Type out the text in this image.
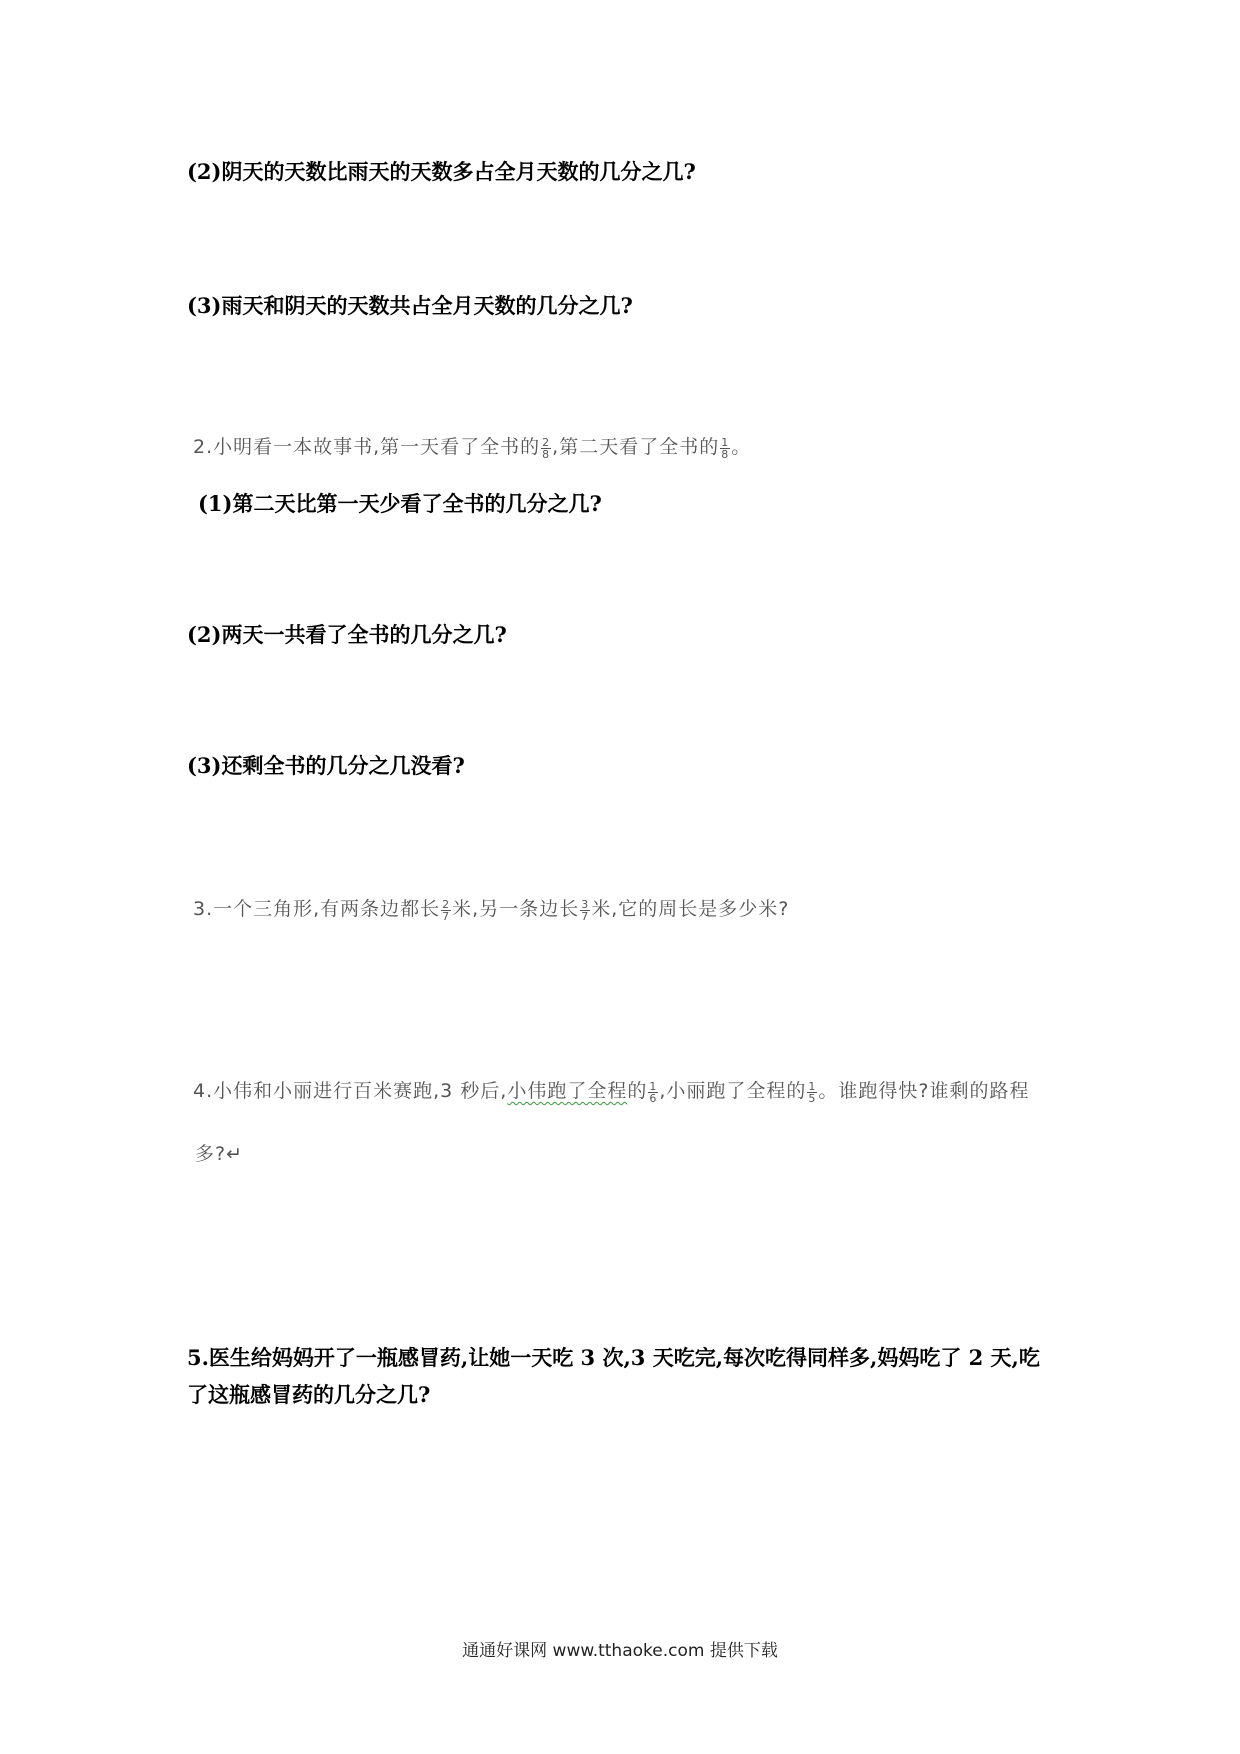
(2)阴天的天数比雨天的天数多占全月天数的几分之几?
(3)雨天和阴天的天数共占全月天数的几分之几?
2.小明看一本故事书,第一天看了全书的 $\frac{2}{8}$ ,第二天看了全书的 $\frac{1}{8}$ 。
(1)第二天比第一天少看了全书的几分之几?
(2)两天一共看了全书的几分之几?
(3)还剩全书的几分之几没看?
3.一个三角形,有两条边都长 $\frac{2}{7}$ 米,另一条边长 $\frac{3}{7}$ 米,它的周长是多少米?
4.小伟和小丽进行百米赛跑,3 秒后,小伟跑了全程的 $\frac{1}{6}$ ,小丽跑了全程的 $\frac{1}{5}$ 。谁跑得快?谁剩的路程
多?↵
5.医生给妈妈开了一瓶感冒药,让她一天吃 3 次,3 天吃完,每次吃得同样多,妈妈吃了 2 天,吃
了这瓶感冒药的几分之几?
通通好课网 www.tthaoke.com 提供下载
